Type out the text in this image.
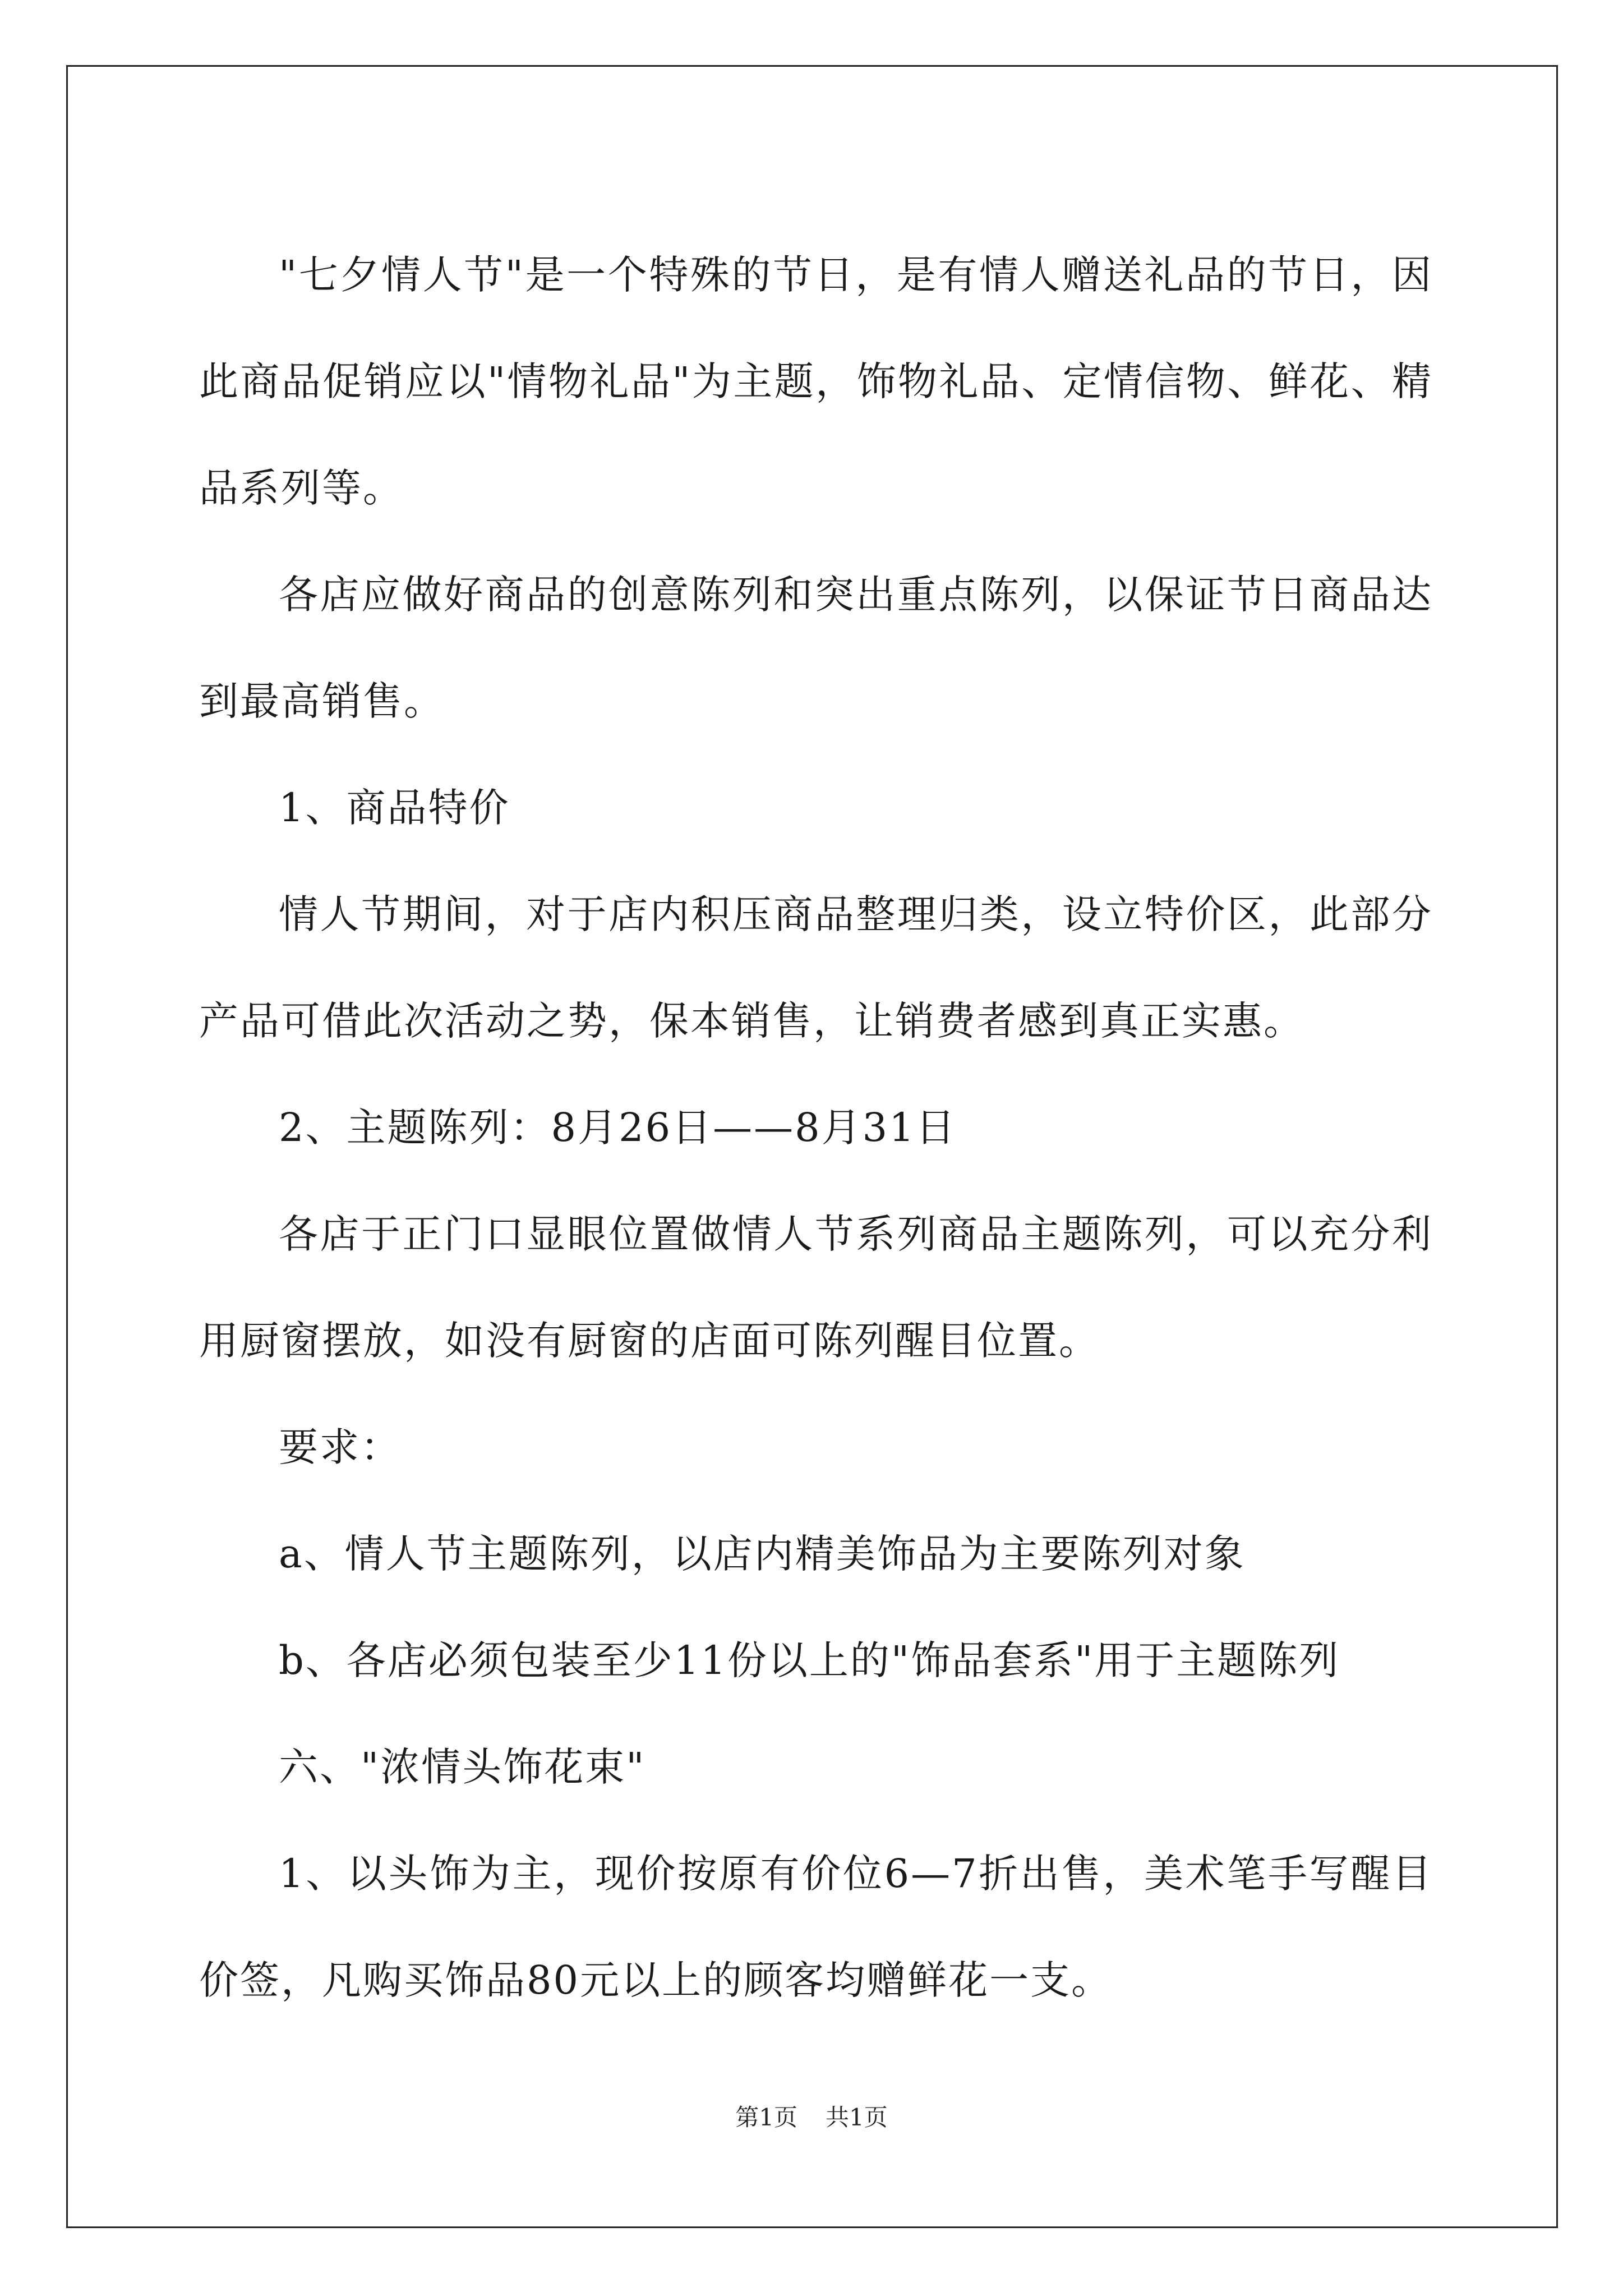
"七夕情人节"是一个特殊的节日，是有情人赠送礼品的节日，因此商品促销应以"情物礼品"为主题，饰物礼品、定情信物、鲜花、精品系列等。

各店应做好商品的创意陈列和突出重点陈列，以保证节日商品达到最高销售。

1、商品特价

情人节期间，对于店内积压商品整理归类，设立特价区，此部分产品可借此次活动之势，保本销售，让销费者感到真正实惠。

2、主题陈列：8月26日——8月31日

各店于正门口显眼位置做情人节系列商品主题陈列，可以充分利用厨窗摆放，如没有厨窗的店面可陈列醒目位置。

要求：

a、情人节主题陈列，以店内精美饰品为主要陈列对象

b、各店必须包装至少11份以上的"饰品套系"用于主题陈列

六、"浓情头饰花束"

1、以头饰为主，现价按原有价位6—7折出售，美术笔手写醒目价签，凡购买饰品80元以上的顾客均赠鲜花一支。

第1页 共1页
